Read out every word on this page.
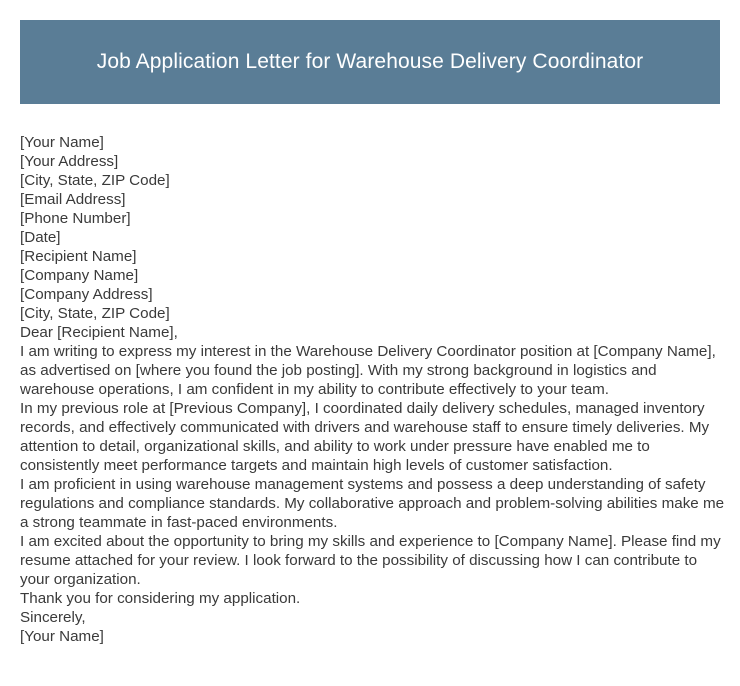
Job Application Letter for Warehouse Delivery Coordinator

[Your Name]

[Your Address]

[City, State, ZIP Code]

[Email Address]

[Phone Number]

[Date]

[Recipient Name]

[Company Name]

[Company Address]

[City, State, ZIP Code]

Dear [Recipient Name],

I am writing to express my interest in the Warehouse Delivery Coordinator position at [Company Name], as advertised on [where you found the job posting]. With my strong background in logistics and warehouse operations, I am confident in my ability to contribute effectively to your team.

In my previous role at [Previous Company], I coordinated daily delivery schedules, managed inventory records, and effectively communicated with drivers and warehouse staff to ensure timely deliveries. My attention to detail, organizational skills, and ability to work under pressure have enabled me to consistently meet performance targets and maintain high levels of customer satisfaction.

I am proficient in using warehouse management systems and possess a deep understanding of safety regulations and compliance standards. My collaborative approach and problem-solving abilities make me a strong teammate in fast-paced environments.

I am excited about the opportunity to bring my skills and experience to [Company Name]. Please find my resume attached for your review. I look forward to the possibility of discussing how I can contribute to your organization.

Thank you for considering my application.

Sincerely,

[Your Name]
